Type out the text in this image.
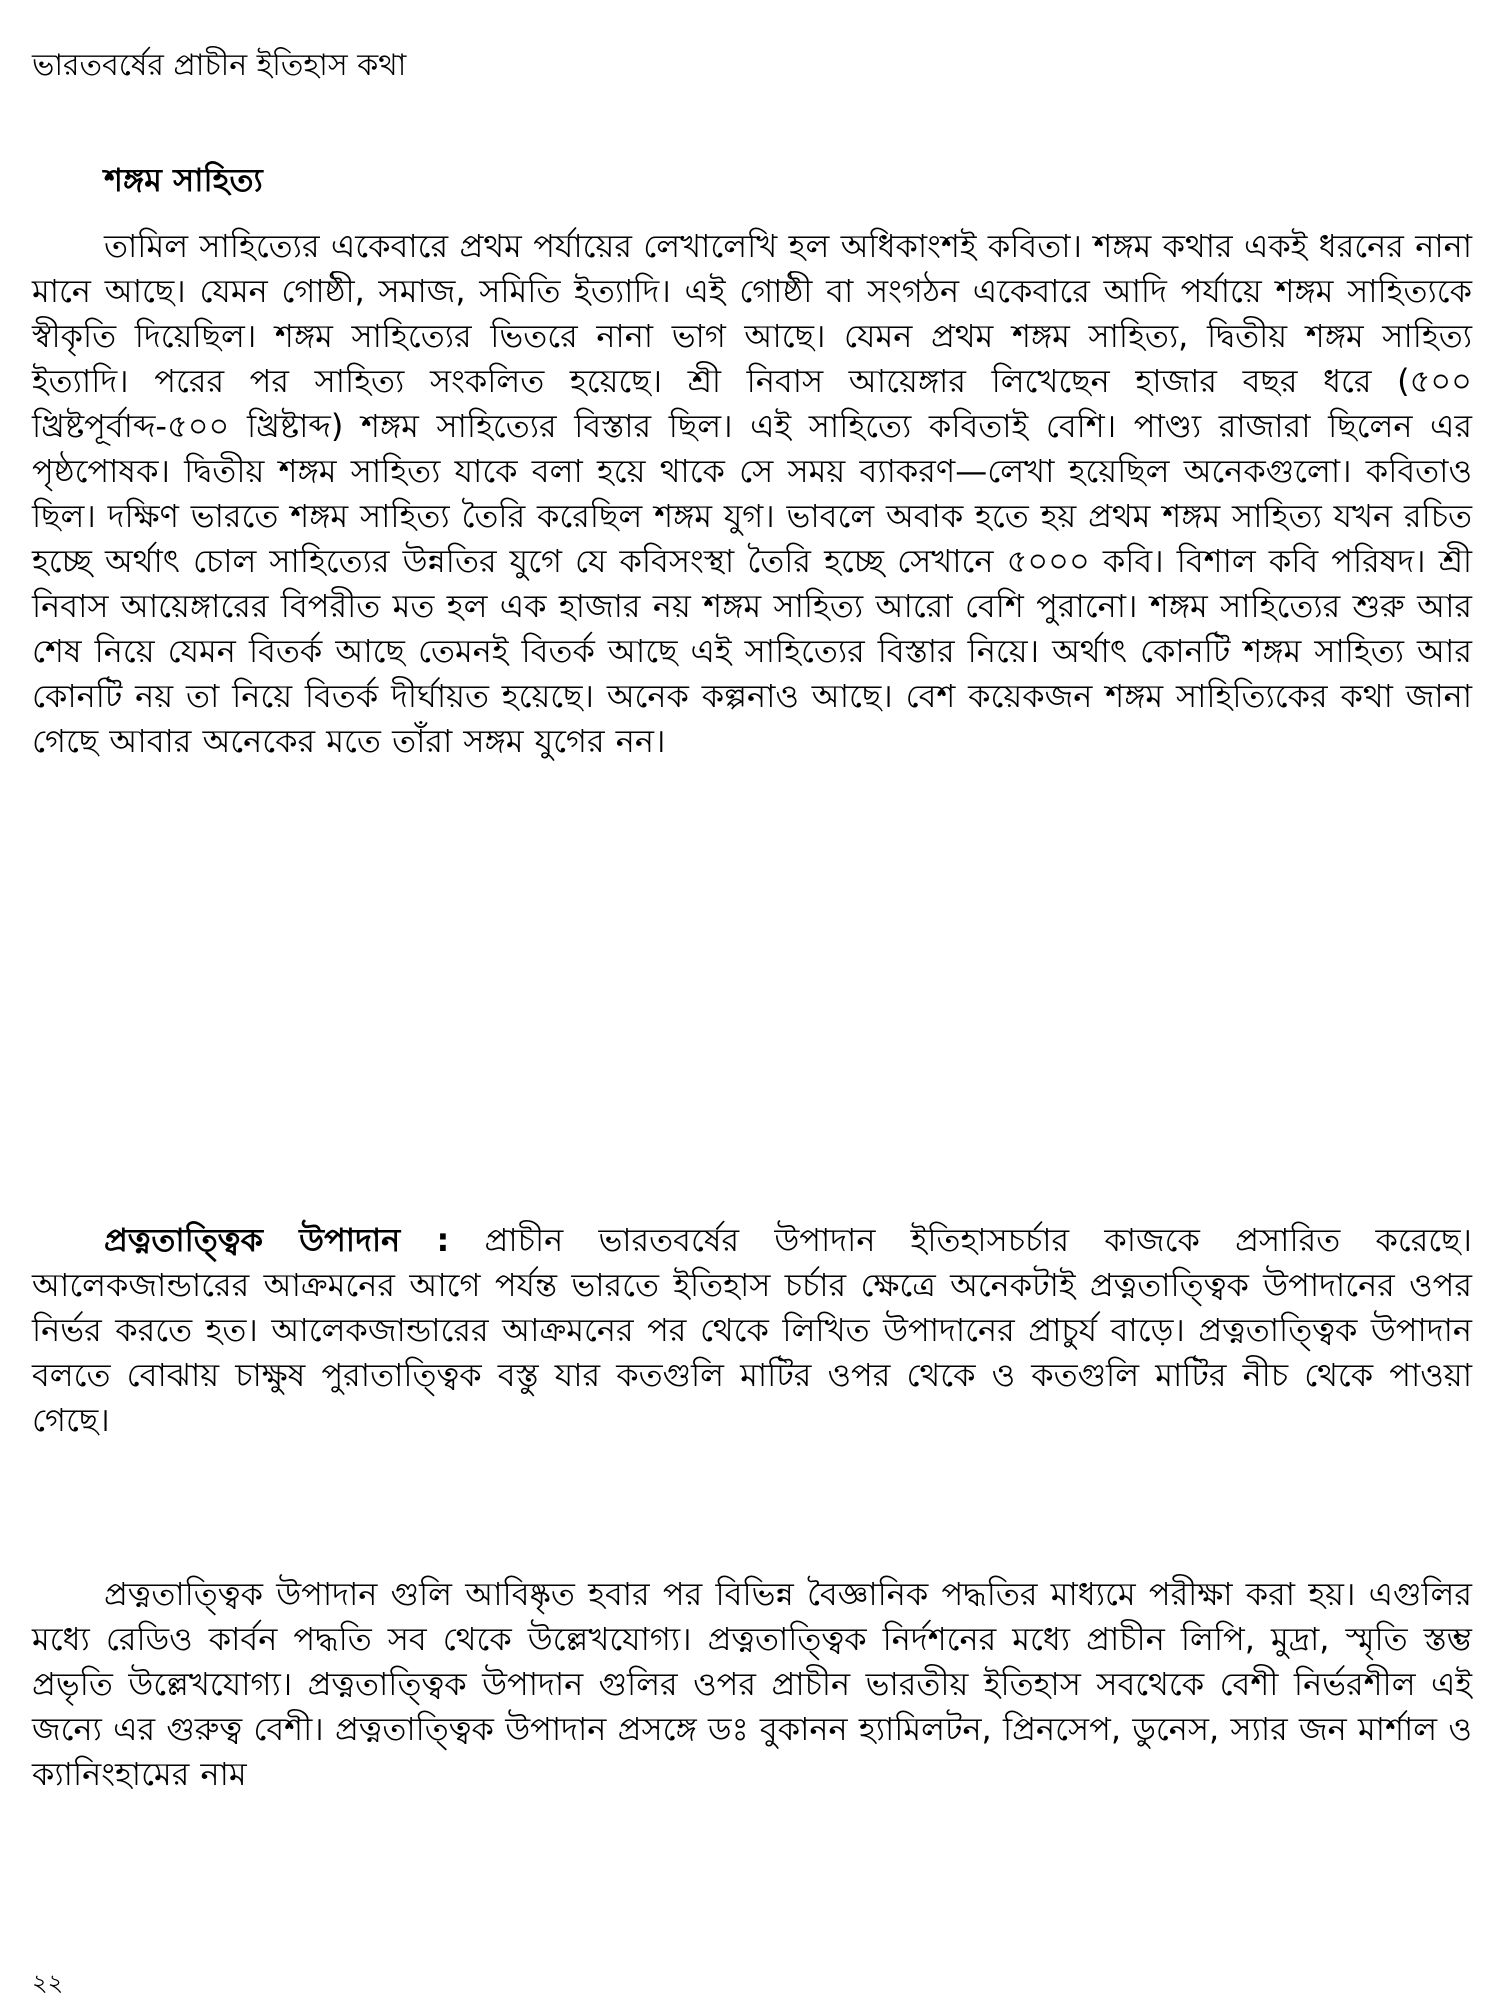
ভারতবর্ষের প্রাচীন ইতিহাস কথা
শঙ্গম সাহিত্য

তামিল সাহিত্যের একেবারে প্রথম পর্যায়ের লেখালেখি হল অধিকাংশই কবিতা। শঙ্গম কথার একই ধরনের নানা মানে আছে। যেমন গোষ্ঠী, সমাজ, সমিতি ইত্যাদি। এই গোষ্ঠী বা সংগঠন একেবারে আদি পর্যায়ে শঙ্গম সাহিত্যকে স্বীকৃতি দিয়েছিল। শঙ্গম সাহিত্যের ভিতরে নানা ভাগ আছে। যেমন প্রথম শঙ্গম সাহিত্য, দ্বিতীয় শঙ্গম সাহিত্য ইত্যাদি। পরের পর সাহিত্য সংকলিত হয়েছে। শ্রী নিবাস আয়েঙ্গার লিখেছেন হাজার বছর ধরে (৫০০ খ্রিষ্টপূর্বাব্দ-৫০০ খ্রিষ্টাব্দ) শঙ্গম সাহিত্যের বিস্তার ছিল। এই সাহিত্যে কবিতাই বেশি। পাণ্ড্য রাজারা ছিলেন এর পৃষ্ঠপোষক। দ্বিতীয় শঙ্গম সাহিত্য যাকে বলা হয়ে থাকে সে সময় ব্যাকরণ—লেখা হয়েছিল অনেকগুলো। কবিতাও ছিল। দক্ষিণ ভারতে শঙ্গম সাহিত্য তৈরি করেছিল শঙ্গম যুগ। ভাবলে অবাক হতে হয় প্রথম শঙ্গম সাহিত্য যখন রচিত হচ্ছে অর্থাৎ চোল সাহিত্যের উন্নতির যুগে যে কবিসংস্থা তৈরি হচ্ছে সেখানে ৫০০০ কবি। বিশাল কবি পরিষদ। শ্রী নিবাস আয়েঙ্গারের বিপরীত মত হল এক হাজার নয় শঙ্গম সাহিত্য আরো বেশি পুরানো। শঙ্গম সাহিত্যের শুরু আর শেষ নিয়ে যেমন বিতর্ক আছে তেমনই বিতর্ক আছে এই সাহিত্যের বিস্তার নিয়ে। অর্থাৎ কোনটি শঙ্গম সাহিত্য আর কোনটি নয় তা নিয়ে বিতর্ক দীর্ঘায়ত হয়েছে। অনেক কল্পনাও আছে। বেশ কয়েকজন শঙ্গম সাহিত্যিকের কথা জানা গেছে আবার অনেকের মতে তাঁরা সঙ্গম যুগের নন।

প্রত্নতাত্ত্বিক উপাদান : প্রাচীন ভারতবর্ষের উপাদান ইতিহাসচর্চার কাজকে প্রসারিত করেছে। আলেকজান্ডারের আক্রমনের আগে পর্যন্ত ভারতে ইতিহাস চর্চার ক্ষেত্রে অনেকটাই প্রত্নতাত্ত্বিক উপাদানের ওপর নির্ভর করতে হত। আলেকজান্ডারের আক্রমনের পর থেকে লিখিত উপাদানের প্রাচুর্য বাড়ে। প্রত্নতাত্ত্বিক উপাদান বলতে বোঝায় চাক্ষুষ পুরাতাত্ত্বিক বস্তু যার কতগুলি মাটির ওপর থেকে ও কতগুলি মাটির নীচ থেকে পাওয়া গেছে।

প্রত্নতাত্ত্বিক উপাদান গুলি আবিষ্কৃত হবার পর বিভিন্ন বৈজ্ঞানিক পদ্ধতির মাধ্যমে পরীক্ষা করা হয়। এগুলির মধ্যে রেডিও কার্বন পদ্ধতি সব থেকে উল্লেখযোগ্য। প্রত্নতাত্ত্বিক নির্দশনের মধ্যে প্রাচীন লিপি, মুদ্রা, স্মৃতি স্তম্ভ প্রভৃতি উল্লেখযোগ্য। প্রত্নতাত্ত্বিক উপাদান গুলির ওপর প্রাচীন ভারতীয় ইতিহাস সবথেকে বেশী নির্ভরশীল এই জন্যে এর গুরুত্ব বেশী। প্রত্নতাত্ত্বিক উপাদান প্রসঙ্গে ডঃ বুকানন হ্যামিলটন, প্রিনসেপ, ডুনেস, স্যার জন মার্শাল ও ক্যানিংহামের নাম

২২
